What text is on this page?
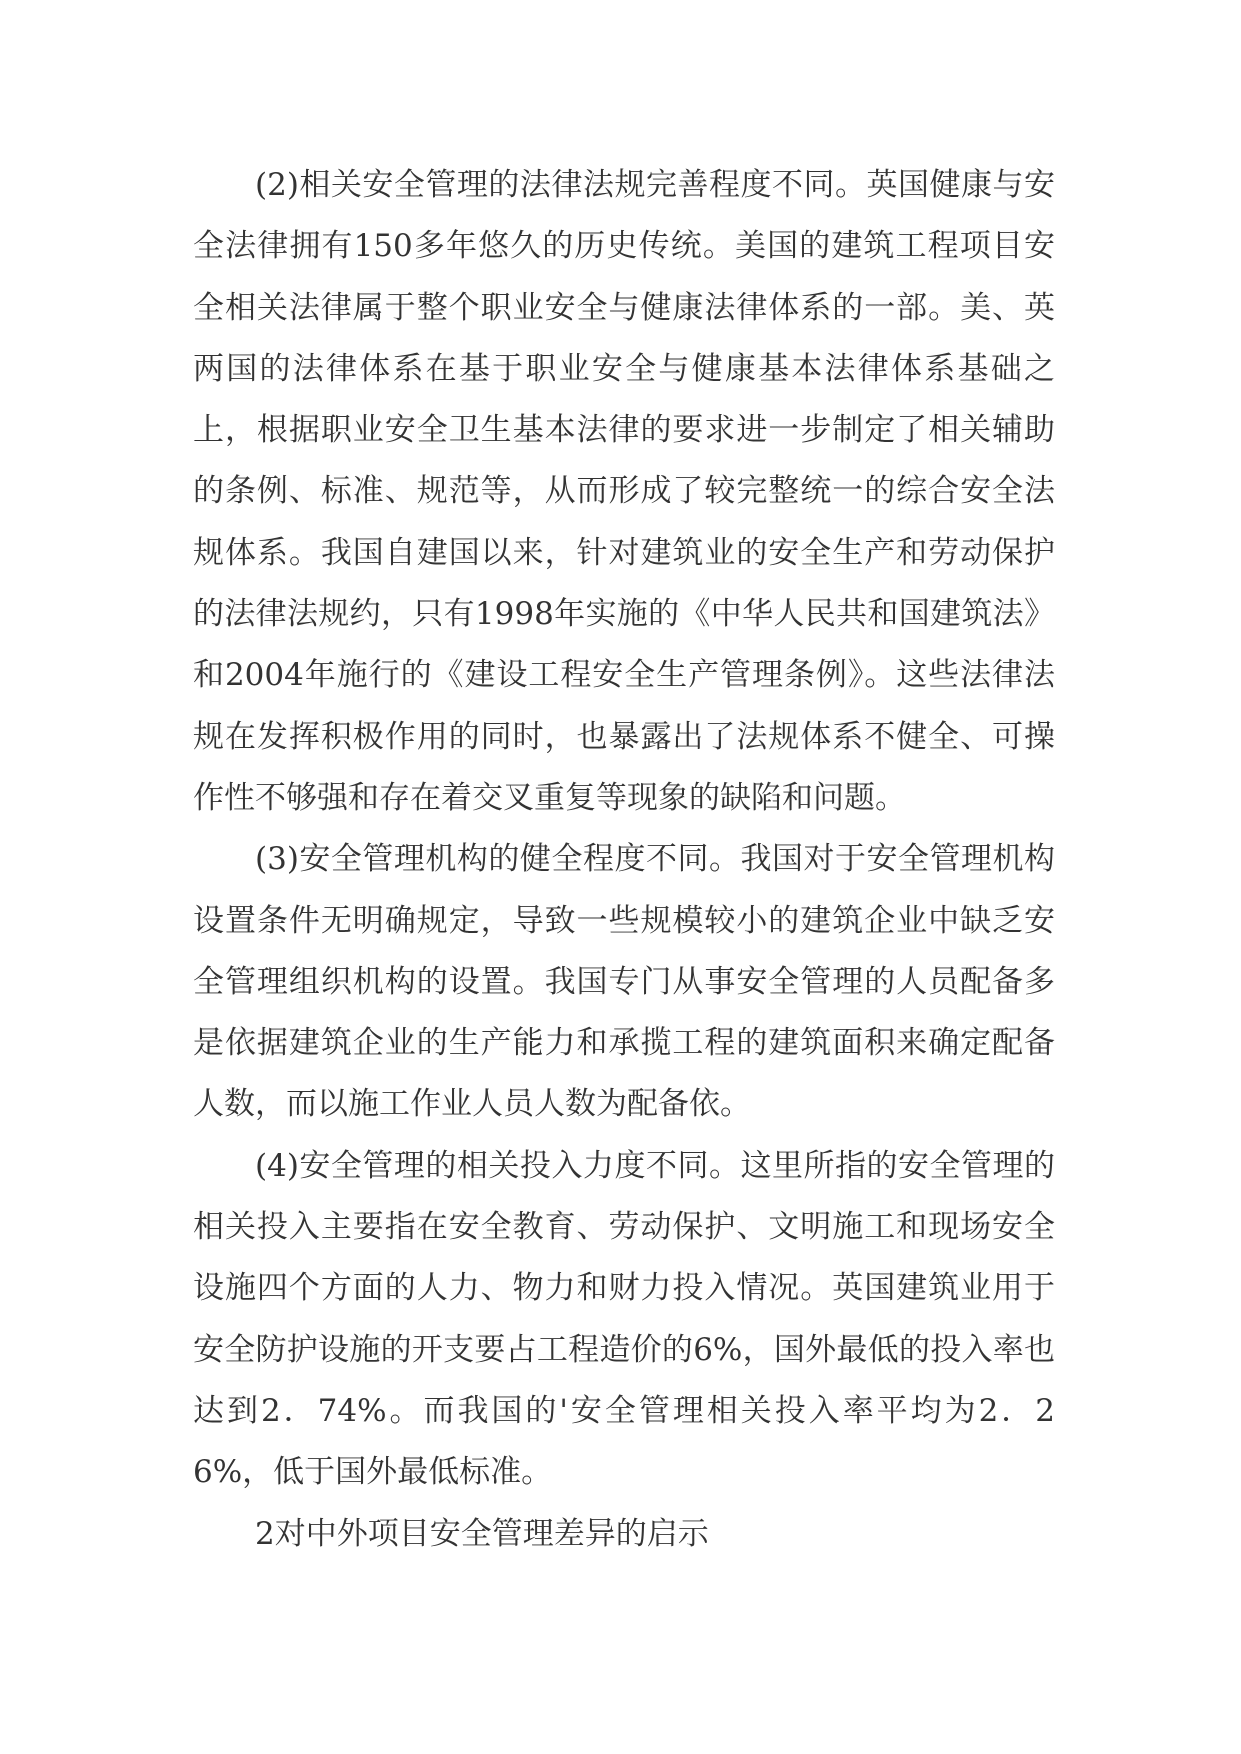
(2)相关安全管理的法律法规完善程度不同。英国健康与安全法律拥有150多年悠久的历史传统。美国的建筑工程项目安全相关法律属于整个职业安全与健康法律体系的一部。美、英两国的法律体系在基于职业安全与健康基本法律体系基础之上，根据职业安全卫生基本法律的要求进一步制定了相关辅助的条例、标准、规范等，从而形成了较完整统一的综合安全法规体系。我国自建国以来，针对建筑业的安全生产和劳动保护的法律法规约，只有1998年实施的《中华人民共和国建筑法》和2004年施行的《建设工程安全生产管理条例》。这些法律法规在发挥积极作用的同时，也暴露出了法规体系不健全、可操作性不够强和存在着交叉重复等现象的缺陷和问题。

(3)安全管理机构的健全程度不同。我国对于安全管理机构设置条件无明确规定，导致一些规模较小的建筑企业中缺乏安全管理组织机构的设置。我国专门从事安全管理的人员配备多是依据建筑企业的生产能力和承揽工程的建筑面积来确定配备人数，而以施工作业人员人数为配备依。

(4)安全管理的相关投入力度不同。这里所指的安全管理的相关投入主要指在安全教育、劳动保护、文明施工和现场安全设施四个方面的人力、物力和财力投入情况。英国建筑业用于安全防护设施的开支要占工程造价的6%，国外最低的投入率也达到2．74%。而我国的'安全管理相关投入率平均为2．26%，低于国外最低标准。

2对中外项目安全管理差异的启示
